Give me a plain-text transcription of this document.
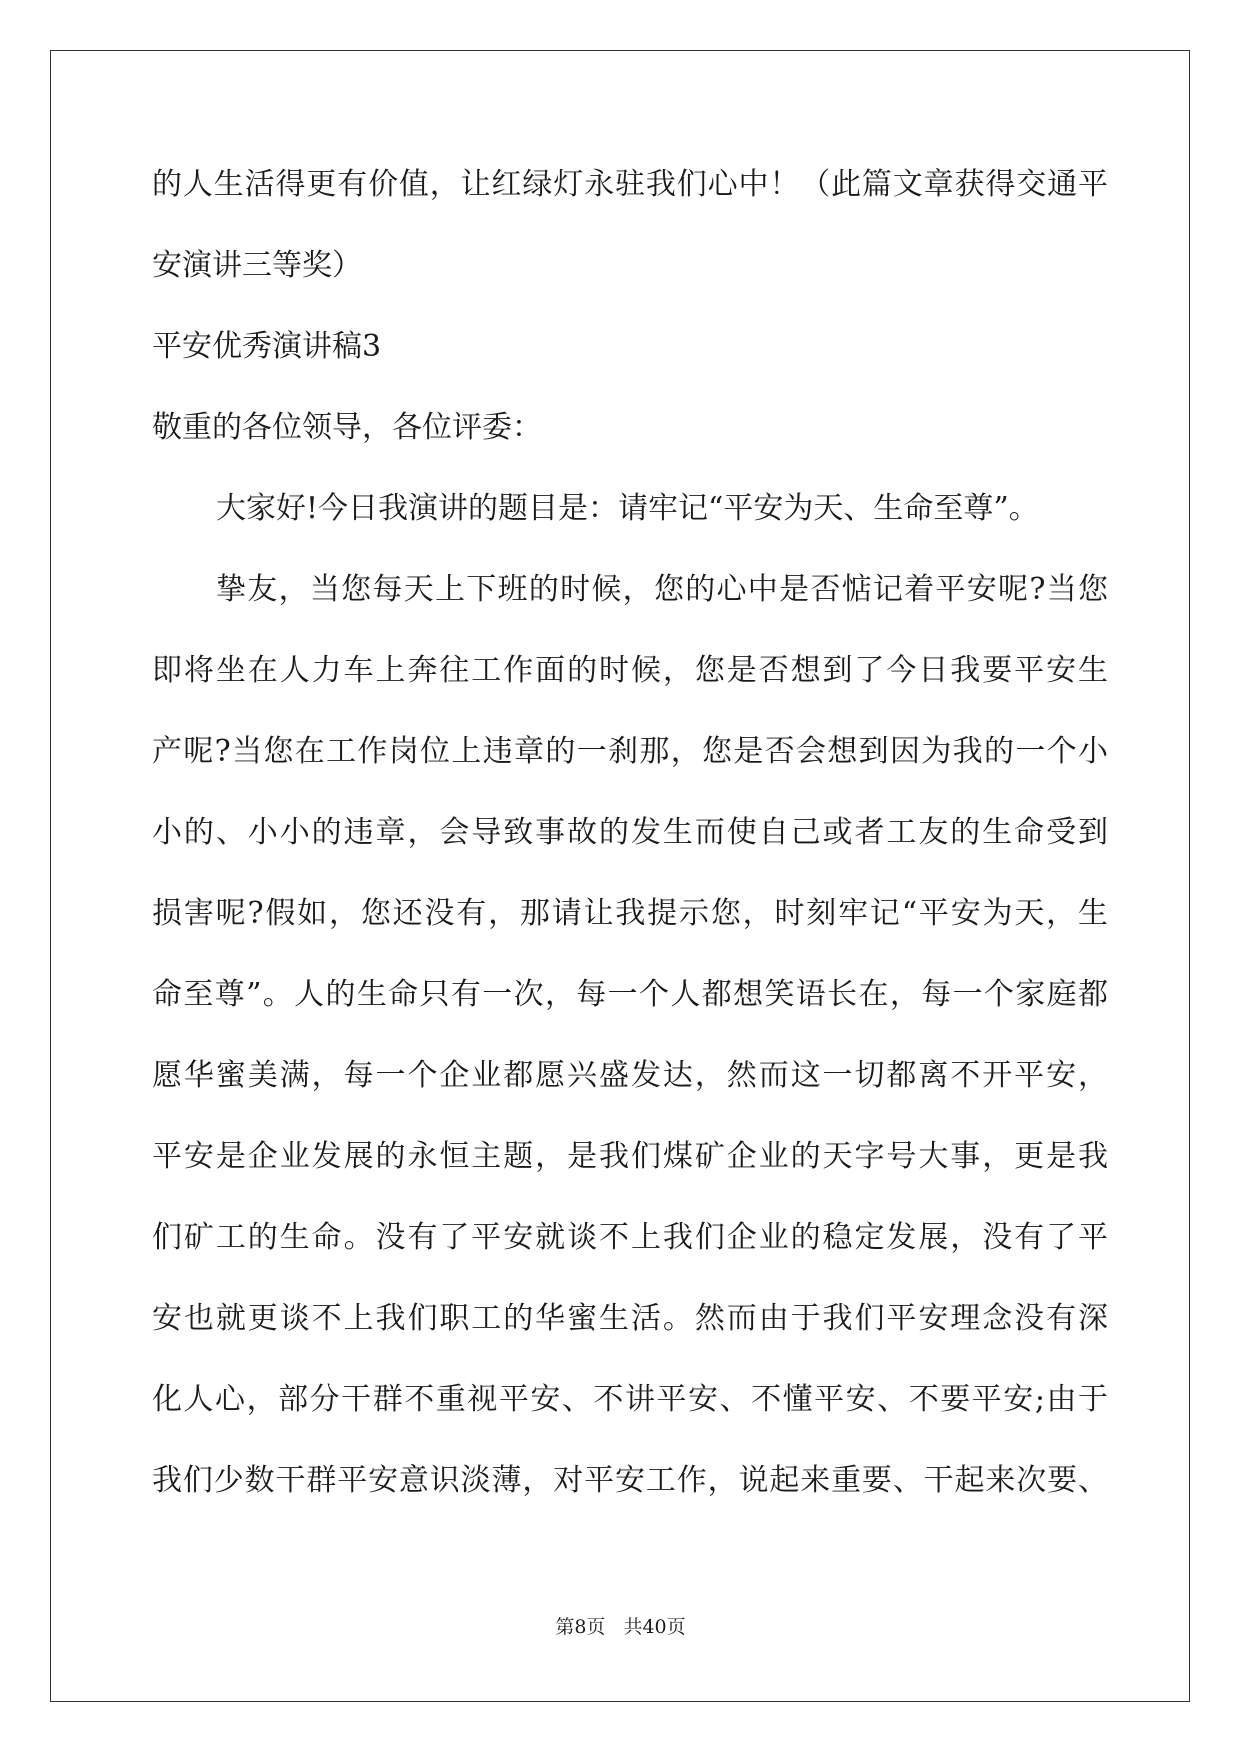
的人生活得更有价值，让红绿灯永驻我们心中！（此篇文章获得交通平
安演讲三等奖）
平安优秀演讲稿3
敬重的各位领导，各位评委：
大家好!今日我演讲的题目是：请牢记“平安为天、生命至尊”。
挚友，当您每天上下班的时候，您的心中是否惦记着平安呢?当您
即将坐在人力车上奔往工作面的时候，您是否想到了今日我要平安生
产呢?当您在工作岗位上违章的一刹那，您是否会想到因为我的一个小
小的、小小的违章，会导致事故的发生而使自己或者工友的生命受到
损害呢?假如，您还没有，那请让我提示您，时刻牢记“平安为天，生
命至尊”。人的生命只有一次，每一个人都想笑语长在，每一个家庭都
愿华蜜美满，每一个企业都愿兴盛发达，然而这一切都离不开平安，
平安是企业发展的永恒主题，是我们煤矿企业的天字号大事，更是我
们矿工的生命。没有了平安就谈不上我们企业的稳定发展，没有了平
安也就更谈不上我们职工的华蜜生活。然而由于我们平安理念没有深
化人心，部分干群不重视平安、不讲平安、不懂平安、不要平安;由于
我们少数干群平安意识淡薄，对平安工作，说起来重要、干起来次要、
第8页 共40页
